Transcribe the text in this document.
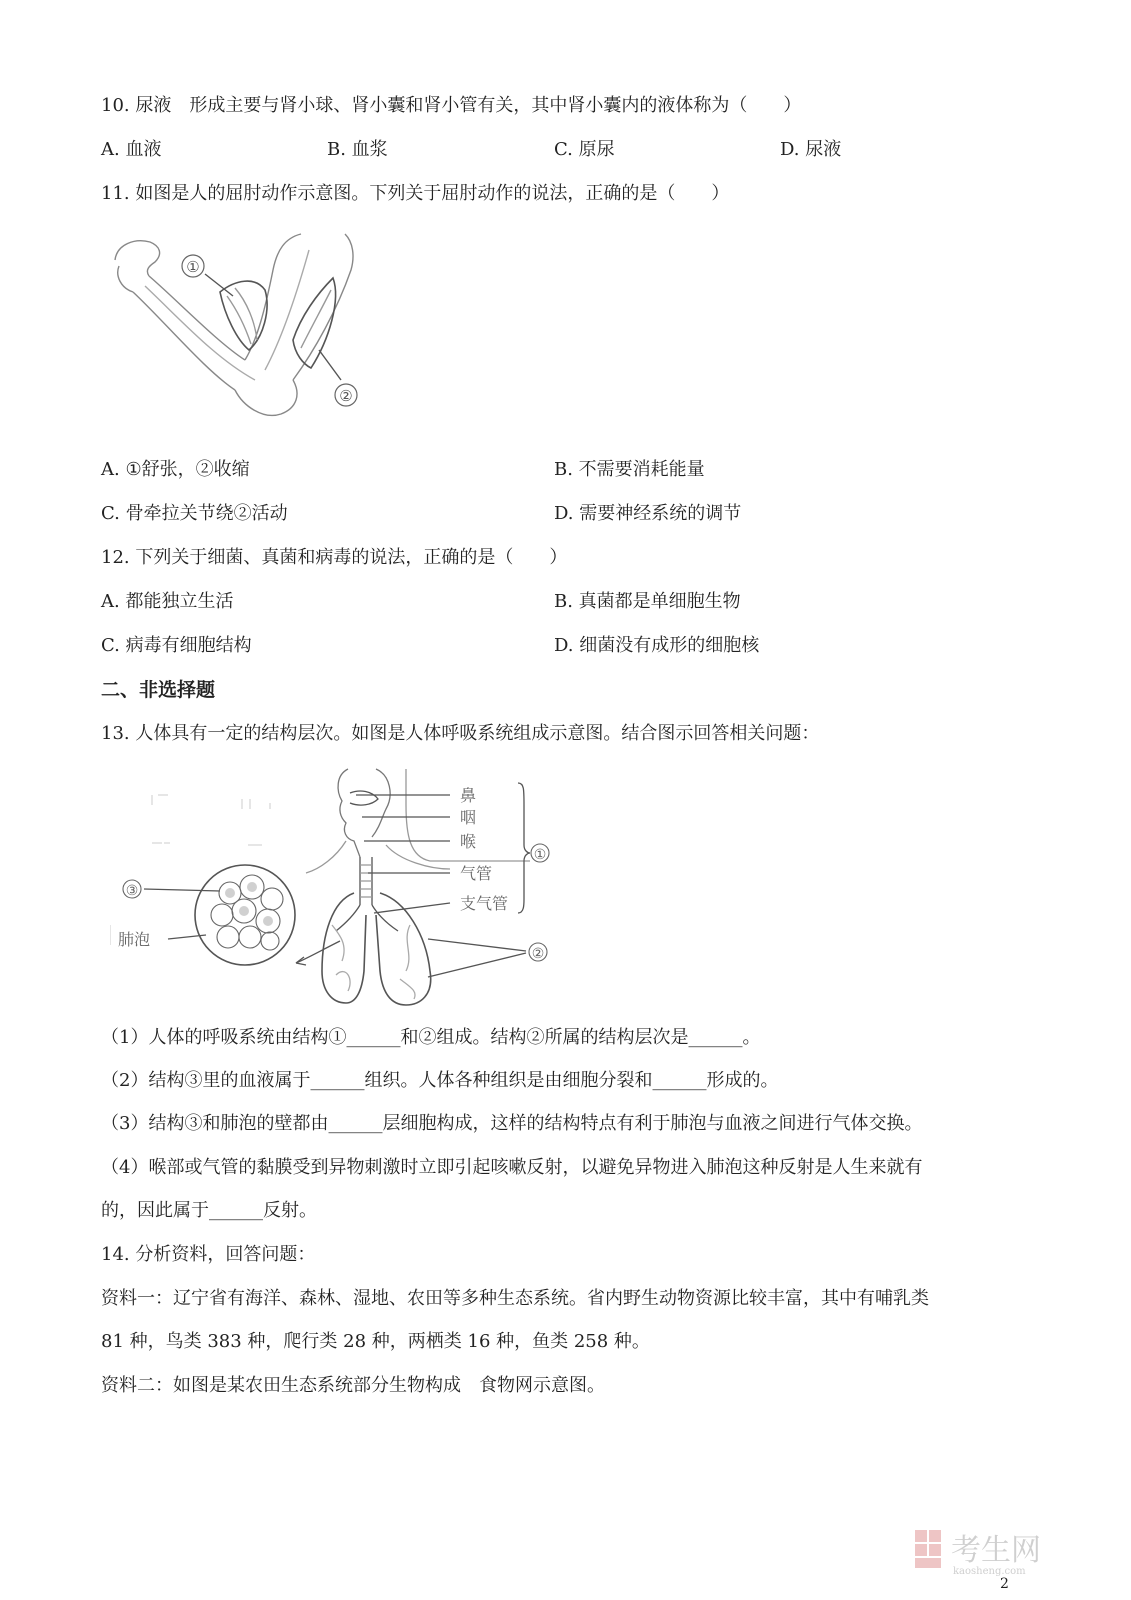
10. 尿液　形成主要与肾小球、肾小囊和肾小管有关，其中肾小囊内的液体称为（　　）
A. 血液	B. 血浆	C. 原尿	D. 尿液
11. 如图是人的屈肘动作示意图。下列关于屈肘动作的说法，正确的是（　　）
①
②
A. ①舒张，②收缩	B. 不需要消耗能量
C. 骨牵拉关节绕②活动	D. 需要神经系统的调节
12. 下列关于细菌、真菌和病毒的说法，正确的是（　　）
A. 都能独立生活	B. 真菌都是单细胞生物
C. 病毒有细胞结构	D. 细菌没有成形的细胞核
二、非选择题
13. 人体具有一定的结构层次。如图是人体呼吸系统组成示意图。结合图示回答相关问题：
鼻
咽
喉
气管
支气管
①
②
③
肺泡
（1）人体的呼吸系统由结构①______和②组成。结构②所属的结构层次是______。
（2）结构③里的血液属于______组织。人体各种组织是由细胞分裂和______形成的。
（3）结构③和肺泡的壁都由______层细胞构成，这样的结构特点有利于肺泡与血液之间进行气体交换。
（4）喉部或气管的黏膜受到异物刺激时立即引起咳嗽反射，以避免异物进入肺泡这种反射是人生来就有
的，因此属于______反射。
14. 分析资料，回答问题：
资料一：辽宁省有海洋、森林、湿地、农田等多种生态系统。省内野生动物资源比较丰富，其中有哺乳类
81 种，鸟类 383 种，爬行类 28 种，两栖类 16 种，鱼类 258 种。
资料二：如图是某农田生态系统部分生物构成　食物网示意图。
考生网
kaosheng.com
2
